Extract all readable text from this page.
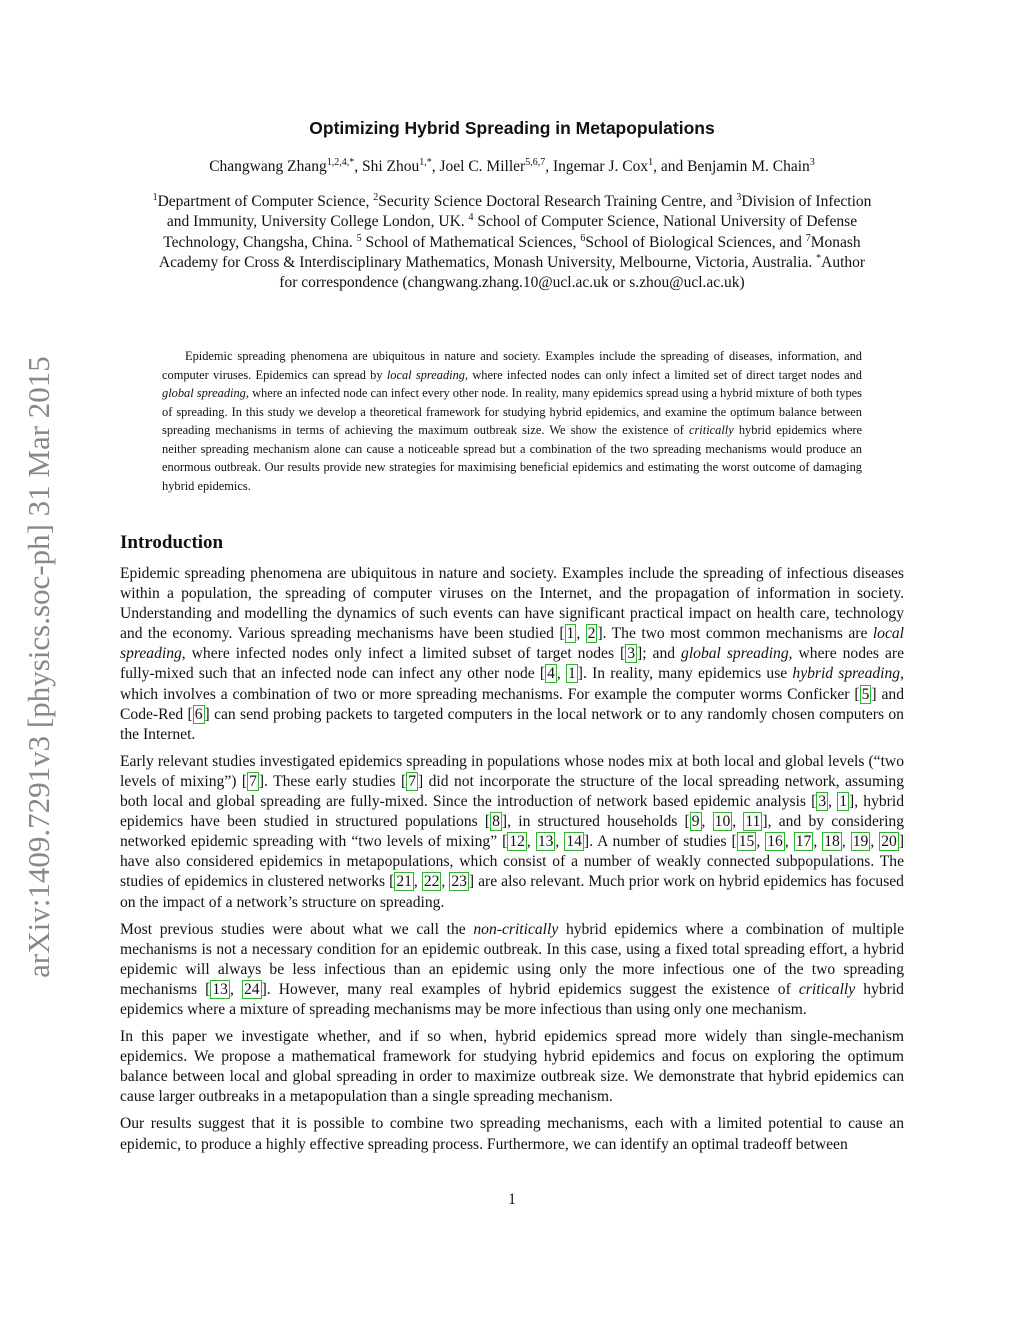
arXiv:1409.7291v3 [physics.soc-ph] 31 Mar 2015
Optimizing Hybrid Spreading in Metapopulations
Changwang Zhang$^{1,2,4,*}$, Shi Zhou$^{1,*}$, Joel C. Miller$^{5,6,7}$, Ingemar J. Cox$^1$, and Benjamin M. Chain$^3$
$^1$Department of Computer Science, $^2$Security Science Doctoral Research Training Centre, and $^3$Division of Infection
and Immunity, University College London, UK. $^4$ School of Computer Science, National University of Defense
Technology, Changsha, China. $^5$ School of Mathematical Sciences, $^6$School of Biological Sciences, and $^7$Monash
Academy for Cross & Interdisciplinary Mathematics, Monash University, Melbourne, Victoria, Australia. *Author
for correspondence (changwang.zhang.10@ucl.ac.uk or s.zhou@ucl.ac.uk)

Epidemic spreading phenomena are ubiquitous in nature and society. Examples include the spreading of diseases, information, and computer viruses. Epidemics can spread by local spreading, where infected nodes can only infect a limited set of direct target nodes and global spreading, where an infected node can infect every other node. In reality, many epidemics spread using a hybrid mixture of both types of spreading. In this study we develop a theoretical framework for studying hybrid epidemics, and examine the optimum balance between spreading mechanisms in terms of achieving the maximum outbreak size. We show the existence of critically hybrid epidemics where neither spreading mechanism alone can cause a noticeable spread but a combination of the two spreading mechanisms would produce an enormous outbreak. Our results provide new strategies for maximising beneficial epidemics and estimating the worst outcome of damaging hybrid epidemics.

Introduction

Epidemic spreading phenomena are ubiquitous in nature and society. Examples include the spreading of infectious diseases within a population, the spreading of computer viruses on the Internet, and the propagation of information in society. Understanding and modelling the dynamics of such events can have significant practical impact on health care, technology and the economy. Various spreading mechanisms have been studied [ 1 , 2 ]. The two most common mechanisms are local spreading, where infected nodes only infect a limited subset of target nodes [ 3 ]; and global spreading, where nodes are fully-mixed such that an infected node can infect any other node [ 4 , 1 ]. In reality, many epidemics use hybrid spreading, which involves a combination of two or more spreading mechanisms. For example the computer worms Conficker [ 5 ] and Code-Red [ 6 ] can send probing packets to targeted computers in the local network or to any randomly chosen computers on the Internet.

Early relevant studies investigated epidemics spreading in populations whose nodes mix at both local and global levels (“two levels of mixing”) [ 7 ]. These early studies [ 7 ] did not incorporate the structure of the local spreading network, assuming both local and global spreading are fully-mixed. Since the introduction of network based epidemic analysis [ 3 , 1 ], hybrid epidemics have been studied in structured populations [ 8 ], in structured households [ 9 , 10 , 11 ], and by considering networked epidemic spreading with “two levels of mixing” [ 12 , 13 , 14 ]. A number of studies [ 15 , 16 , 17 , 18 , 19 , 20 ] have also considered epidemics in metapopulations, which consist of a number of weakly connected subpopulations. The studies of epidemics in clustered networks [ 21 , 22 , 23 ] are also relevant. Much prior work on hybrid epidemics has focused on the impact of a network’s structure on spreading.

Most previous studies were about what we call the non-critically hybrid epidemics where a combination of multiple mechanisms is not a necessary condition for an epidemic outbreak. In this case, using a fixed total spreading effort, a hybrid epidemic will always be less infectious than an epidemic using only the more infectious one of the two spreading mechanisms [ 13 , 24 ]. However, many real examples of hybrid epidemics suggest the existence of critically hybrid epidemics where a mixture of spreading mechanisms may be more infectious than using only one mechanism.

In this paper we investigate whether, and if so when, hybrid epidemics spread more widely than single-mechanism epidemics. We propose a mathematical framework for studying hybrid epidemics and focus on exploring the optimum balance between local and global spreading in order to maximize outbreak size. We demonstrate that hybrid epidemics can cause larger outbreaks in a metapopulation than a single spreading mechanism.

Our results suggest that it is possible to combine two spreading mechanisms, each with a limited potential to cause an epidemic, to produce a highly effective spreading process. Furthermore, we can identify an optimal tradeoff between

1
